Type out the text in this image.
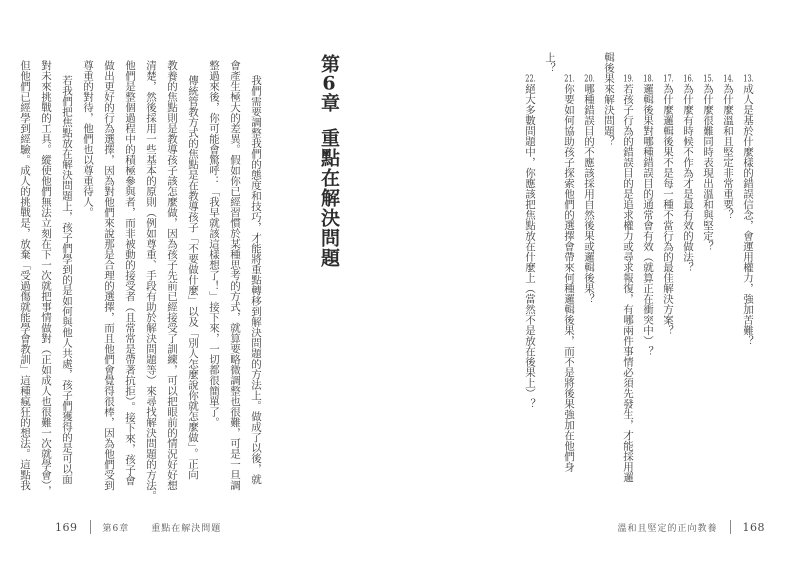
13.成人是基於什麼樣的錯誤信念，會運用權力，強加苦難？

14.為什麼溫和且堅定非常重要？

15.為什麼很難同時表現出溫和與堅定？

16.為什麼有時候不作為才是最有效的做法？

17.為什麼邏輯後果不是每一種不當行為的最佳解決方案？

18.邏輯後果對哪種錯誤目的通常會有效（就算正在衝突中）？

19.若孩子行為的錯誤目的是追求權力或尋求報復，有哪兩件事情必須先發生，才能採用邏
輯後果來解決問題？

20.哪種錯誤目的不應該採用自然後果或邏輯後果？

21.你要如何協助孩子探索他們的選擇會帶來何種邏輯後果，而不是將後果強加在他們身
上？

22.絕大多數問題中，你應該把焦點放在什麼上（當然不是放在後果上）？

第6章重點在解決問題

我們需要調整我們的態度和技巧，才能將重點轉移到解決問題的方法上。做成了以後，就
會產生極大的差異。假如你已經習慣於某種思考的方式，就算要略微調整也很難，可是一旦調
整過來後，你可能會驚呼：「我早就該這樣想了！」接下來，一切都很簡單了。

傳統管教方式的焦點是在教導孩子「不要做什麼」以及「別人怎麼說你就怎麼做」。正向
教養的焦點則是教導孩子該怎麼做，因為孩子先前已經接受了訓練，可以把眼前的情況好好想
清楚，然後採用一些基本的原則（例如尊重、手段有助於解決問題等）來尋找解決問題的方法。
他們是整個過程中的積極參與者，而非被動的接受者（且常常是帶著抗拒）。接下來，孩子會
做出更好的行為選擇，因為對他們來說那是合理的選擇，而且他們會覺得很棒，因為他們受到
尊重的對待，他們也以尊重待人。

若我們把焦點放在解決問題上，孩子們學到的是如何與他人共處，孩子們獲得的是可以面
對未來挑戰的工具。縱使他們無法立刻在下一次就把事情做對（正如成人也很難一次就學會），
但他們已經學到經驗。成人的挑戰是，放棄「受過傷就能學會教訓」這種瘋狂的想法。這點我

169	第6章 重點在解決問題	溫和且堅定的正向教養 168
